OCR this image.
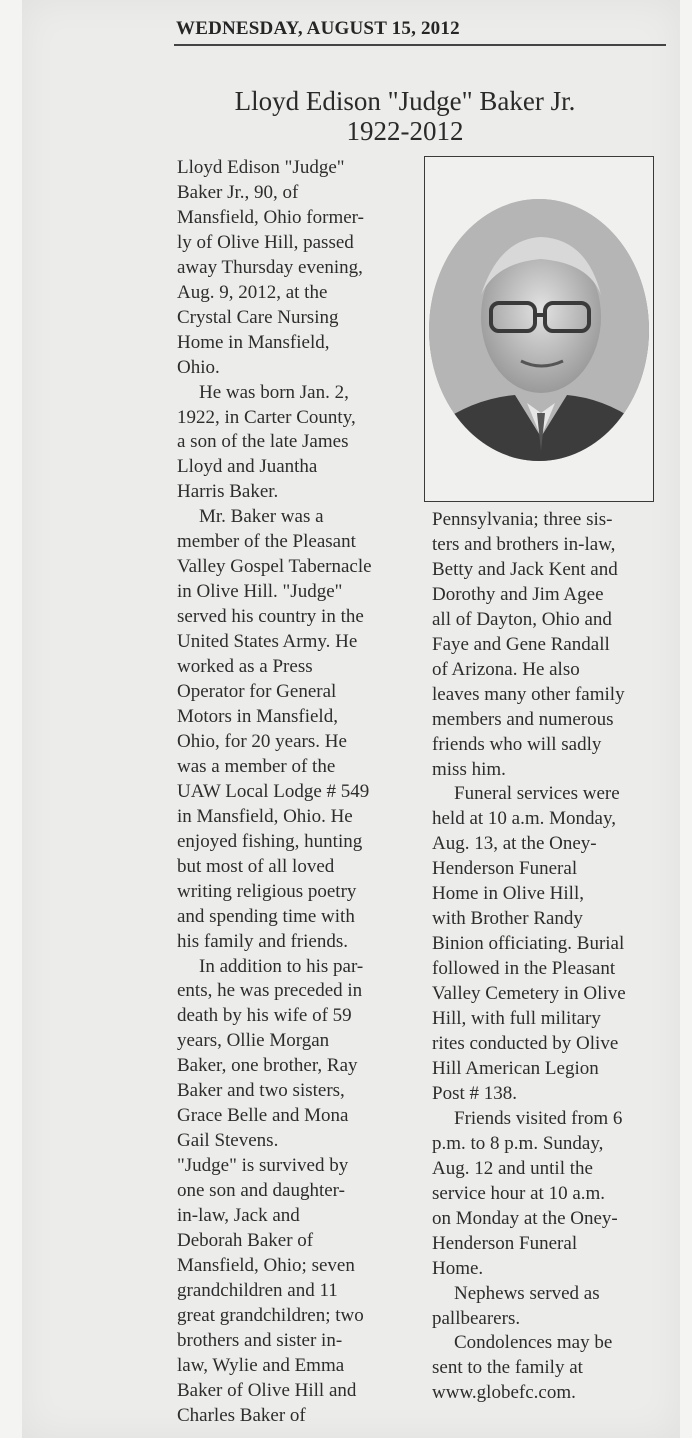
WEDNESDAY, AUGUST 15, 2012
Lloyd Edison "Judge" Baker Jr.
1922-2012

Lloyd Edison "Judge"
Baker Jr., 90, of
Mansfield, Ohio former-
ly of Olive Hill, passed
away Thursday evening,
Aug. 9, 2012, at the
Crystal Care Nursing
Home in Mansfield,
Ohio.

He was born Jan. 2,
1922, in Carter County,
a son of the late James
Lloyd and Juantha
Harris Baker.

Mr. Baker was a
member of the Pleasant
Valley Gospel Tabernacle
in Olive Hill. "Judge"
served his country in the
United States Army. He
worked as a Press
Operator for General
Motors in Mansfield,
Ohio, for 20 years. He
was a member of the
UAW Local Lodge # 549
in Mansfield, Ohio. He
enjoyed fishing, hunting
but most of all loved
writing religious poetry
and spending time with
his family and friends.

In addition to his par-
ents, he was preceded in
death by his wife of 59
years, Ollie Morgan
Baker, one brother, Ray
Baker and two sisters,
Grace Belle and Mona
Gail Stevens.

"Judge" is survived by
one son and daughter-
in-law, Jack and
Deborah Baker of
Mansfield, Ohio; seven
grandchildren and 11
great grandchildren; two
brothers and sister in-
law, Wylie and Emma
Baker of Olive Hill and
Charles Baker of

Pennsylvania; three sis-
ters and brothers in-law,
Betty and Jack Kent and
Dorothy and Jim Agee
all of Dayton, Ohio and
Faye and Gene Randall
of Arizona. He also
leaves many other family
members and numerous
friends who will sadly
miss him.

Funeral services were
held at 10 a.m. Monday,
Aug. 13, at the Oney-
Henderson Funeral
Home in Olive Hill,
with Brother Randy
Binion officiating. Burial
followed in the Pleasant
Valley Cemetery in Olive
Hill, with full military
rites conducted by Olive
Hill American Legion
Post # 138.

Friends visited from 6
p.m. to 8 p.m. Sunday,
Aug. 12 and until the
service hour at 10 a.m.
on Monday at the Oney-
Henderson Funeral
Home.

Nephews served as
pallbearers.

Condolences may be
sent to the family at
www.globefc.com.
